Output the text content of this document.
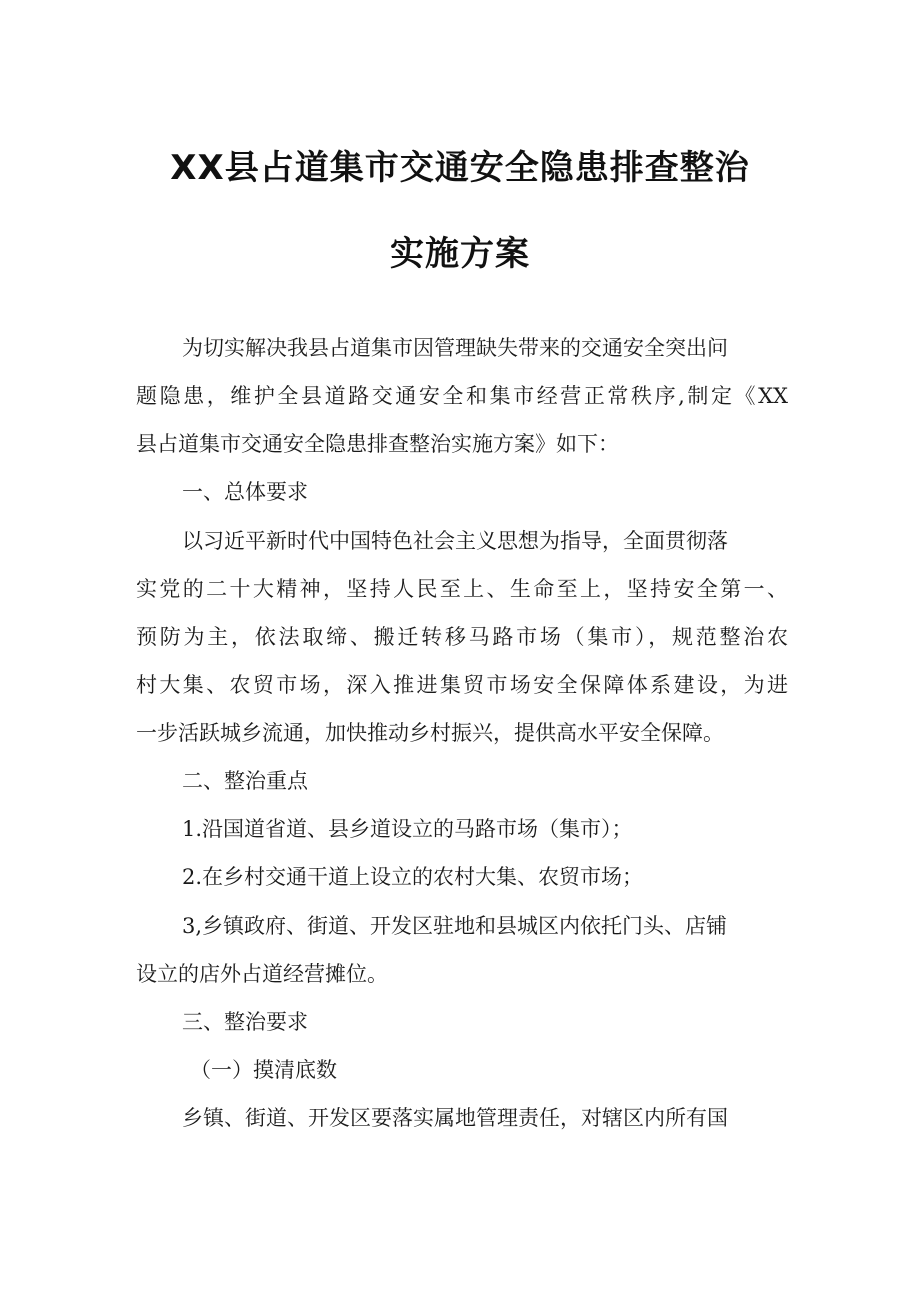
XX县占道集市交通安全隐患排查整治
实施方案
为切实解决我县占道集市因管理缺失带来的交通安全突出问
题隐患，维护全县道路交通安全和集市经营正常秩序,制定《XX
县占道集市交通安全隐患排查整治实施方案》如下：
一、总体要求
以习近平新时代中国特色社会主义思想为指导，全面贯彻落
实党的二十大精神，坚持人民至上、生命至上，坚持安全第一、
预防为主，依法取缔、搬迁转移马路市场（集市），规范整治农
村大集、农贸市场，深入推进集贸市场安全保障体系建设，为进
一步活跃城乡流通，加快推动乡村振兴，提供高水平安全保障。
二、整治重点
1.沿国道省道、县乡道设立的马路市场（集市）；
2.在乡村交通干道上设立的农村大集、农贸市场；
3,乡镇政府、街道、开发区驻地和县城区内依托门头、店铺
设立的店外占道经营摊位。
三、整治要求
（一）摸清底数
乡镇、街道、开发区要落实属地管理责任，对辖区内所有国
